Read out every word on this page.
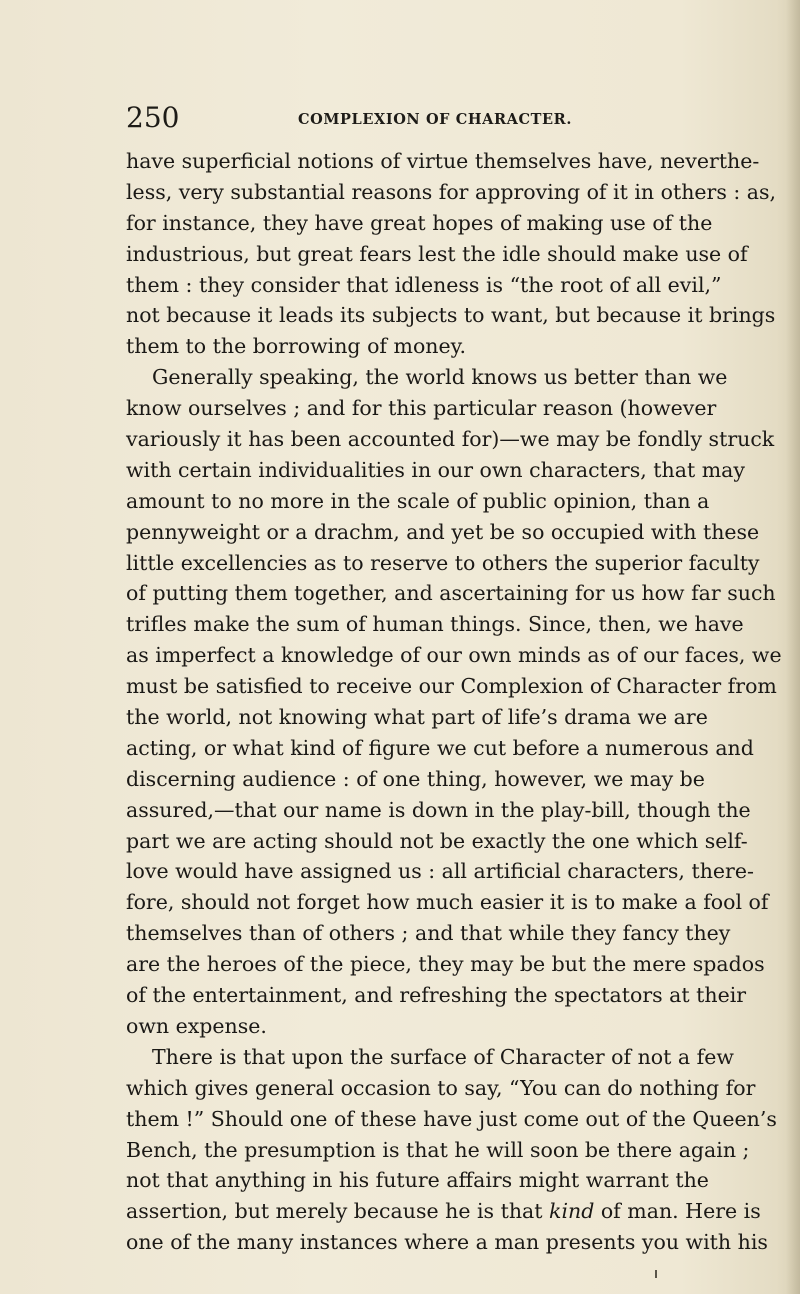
250	COMPLEXION OF CHARACTER.
have superficial notions of virtue themselves have, neverthe-
less, very substantial reasons for approving of it in others : as,
for instance, they have great hopes of making use of the
industrious, but great fears lest the idle should make use of
them : they consider that idleness is “the root of all evil,”
not because it leads its subjects to want, but because it brings
them to the borrowing of money.
Generally speaking, the world knows us better than we
know ourselves ; and for this particular reason (however
variously it has been accounted for)—we may be fondly struck
with certain individualities in our own characters, that may
amount to no more in the scale of public opinion, than a
pennyweight or a drachm, and yet be so occupied with these
little excellencies as to reserve to others the superior faculty
of putting them together, and ascertaining for us how far such
trifles make the sum of human things. Since, then, we have
as imperfect a knowledge of our own minds as of our faces, we
must be satisfied to receive our Complexion of Character from
the world, not knowing what part of life’s drama we are
acting, or what kind of figure we cut before a numerous and
discerning audience : of one thing, however, we may be
assured,—that our name is down in the play-bill, though the
part we are acting should not be exactly the one which self-
love would have assigned us : all artificial characters, there-
fore, should not forget how much easier it is to make a fool of
themselves than of others ; and that while they fancy they
are the heroes of the piece, they may be but the mere spados
of the entertainment, and refreshing the spectators at their
own expense.
There is that upon the surface of Character of not a few
which gives general occasion to say, “You can do nothing for
them !” Should one of these have just come out of the Queen’s
Bench, the presumption is that he will soon be there again ;
not that anything in his future affairs might warrant the
assertion, but merely because he is that kind of man. Here is
one of the many instances where a man presents you with his
